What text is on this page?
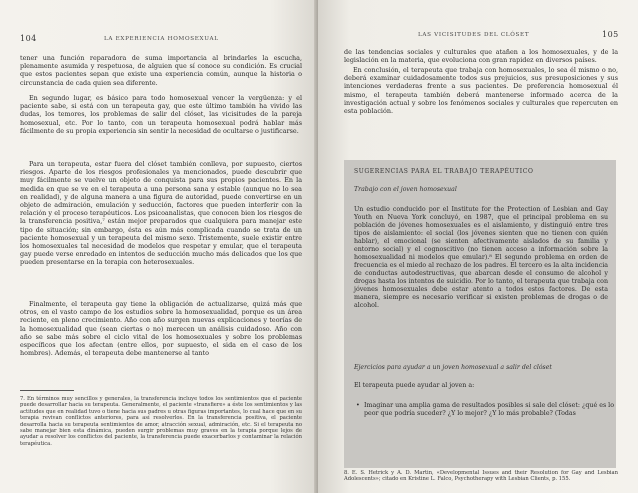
104	LA EXPERIENCIA HOMOSEXUAL

tener una función reparadora de suma importancia al brindarles la escucha, plenamente asumida y respetuosa, de alguien que sí conoce su condición. Es crucial que estos pacientes sepan que existe una experiencia común, aunque la historia o circunstancia de cada quien sea diferente.

En segundo lugar, es básico para todo homosexual vencer la vergüenza: y el paciente sabe, si está con un terapeuta gay, que este último también ha vivido las dudas, los temores, los problemas de salir del clóset, las vicisitudes de la pareja homosexual, etc. Por lo tanto, con un terapeuta homosexual podrá hablar más fácilmente de su propia experiencia sin sentir la necesidad de ocultarse o justificarse.

Para un terapeuta, estar fuera del clóset también conlleva, por supuesto, ciertos riesgos. Aparte de los riesgos profesionales ya mencionados, puede descubrir que muy fácilmente se vuelve un objeto de conquista para sus propios pacientes. En la medida en que se ve en el terapeuta a una persona sana y estable (aunque no lo sea en realidad), y de alguna manera a una figura de autoridad, puede convertirse en un objeto de admiración, emulación y seducción, factores que pueden interferir con la relación y el proceso terapéuticos. Los psicoanalistas, que conocen bien los riesgos de la transferencia positiva,⁷ están mejor preparados que cualquiera para manejar este tipo de situación; sin embargo, ésta es aún más complicada cuando se trata de un paciente homosexual y un terapeuta del mismo sexo. Tristemente, suele existir entre los homosexuales tal necesidad de modelos que respetar y emular, que el terapeuta gay puede verse enredado en intentos de seducción mucho más delicados que los que pueden presentarse en la terapia con heterosexuales.

Finalmente, el terapeuta gay tiene la obligación de actualizarse, quizá más que otros, en el vasto campo de los estudios sobre la homosexualidad, porque es un área reciente, en pleno crecimiento. Año con año surgen nuevas explicaciones y teorías de la homosexualidad que (sean ciertas o no) merecen un análisis cuidadoso. Año con año se sabe más sobre el ciclo vital de los homosexuales y sobre los problemas específicos que los afectan (entre ellos, por supuesto, el sida en el caso de los hombres). Además, el terapeuta debe mantenerse al tanto

7. En términos muy sencillos y generales, la transferencia incluye todos los sentimientos que el paciente puede desarrollar hacia su terapeuta. Generalmente, el paciente «transfiere» a éste los sentimientos y las actitudes que en realidad tuvo o tiene hacia sus padres u otras figuras importantes, lo cual hace que en su terapia revivan conflictos anteriores, para así resolverlos. En la transferencia positiva, el paciente desarrolla hacia su terapeuta sentimientos de amor, atracción sexual, admiración, etc. Si el terapeuta no sabe manejar bien esta dinámica, pueden surgir problemas muy graves en la terapia porque lejos de ayudar a resolver los conflictos del paciente, la transferencia puede exacerbarlos y contaminar la relación terapéutica.

LAS VICISITUDES DEL CLÓSET	105

de las tendencias sociales y culturales que atañen a los homosexuales, y de la legislación en la materia, que evoluciona con gran rapidez en diversos países.

En conclusión, el terapeuta que trabaja con homosexuales, lo sea él mismo o no, deberá examinar cuidadosamente todos sus prejuicios, sus presuposiciones y sus intenciones verdaderas frente a sus pacientes. De preferencia homosexual él mismo, el terapeuta también deberá mantenerse informado acerca de la investigación actual y sobre los fenómenos sociales y culturales que repercuten en esta población.

SUGERENCIAS PARA EL TRABAJO TERAPÉUTICO
Trabajo con el joven homosexual

Un estudio conducido por el Institute for the Protection of Lesbian and Gay Youth en Nueva York concluyó, en 1987, que el principal problema en su población de jóvenes homosexuales es el aislamiento, y distinguió entre tres tipos de aislamiento: el social (los jóvenes sienten que no tienen con quién hablar), el emocional (se sienten afectivamente aislados de su familia y entorno social) y el cognoscitivo (no tienen acceso a información sobre la homosexualidad ni modelos que emular).⁸ El segundo problema en orden de frecuencia es el miedo al rechazo de los padres. El tercero es la alta incidencia de conductas autodestructivas, que abarcan desde el consumo de alcohol y drogas hasta los intentos de suicidio. Por lo tanto, el terapeuta que trabaja con jóvenes homosexuales debe estar atento a todos estos factores. De esta manera, siempre es necesario verificar si existen problemas de drogas o de alcohol.

Ejercicios para ayudar a un joven homosexual a salir del clóset
El terapeuta puede ayudar al joven a:
• Imaginar una amplia gama de resultados posibles si sale del clóset: ¿qué es lo peor que podría suceder? ¿Y lo mejor? ¿Y lo más probable? (Todas

8. E. S. Hetrick y A. D. Martin, «Developmental Issues and their Resolution for Gay and Lesbian Adolescents»; citado en Kristine L. Falco, Psychotherapy with Lesbian Clients, p. 155.
